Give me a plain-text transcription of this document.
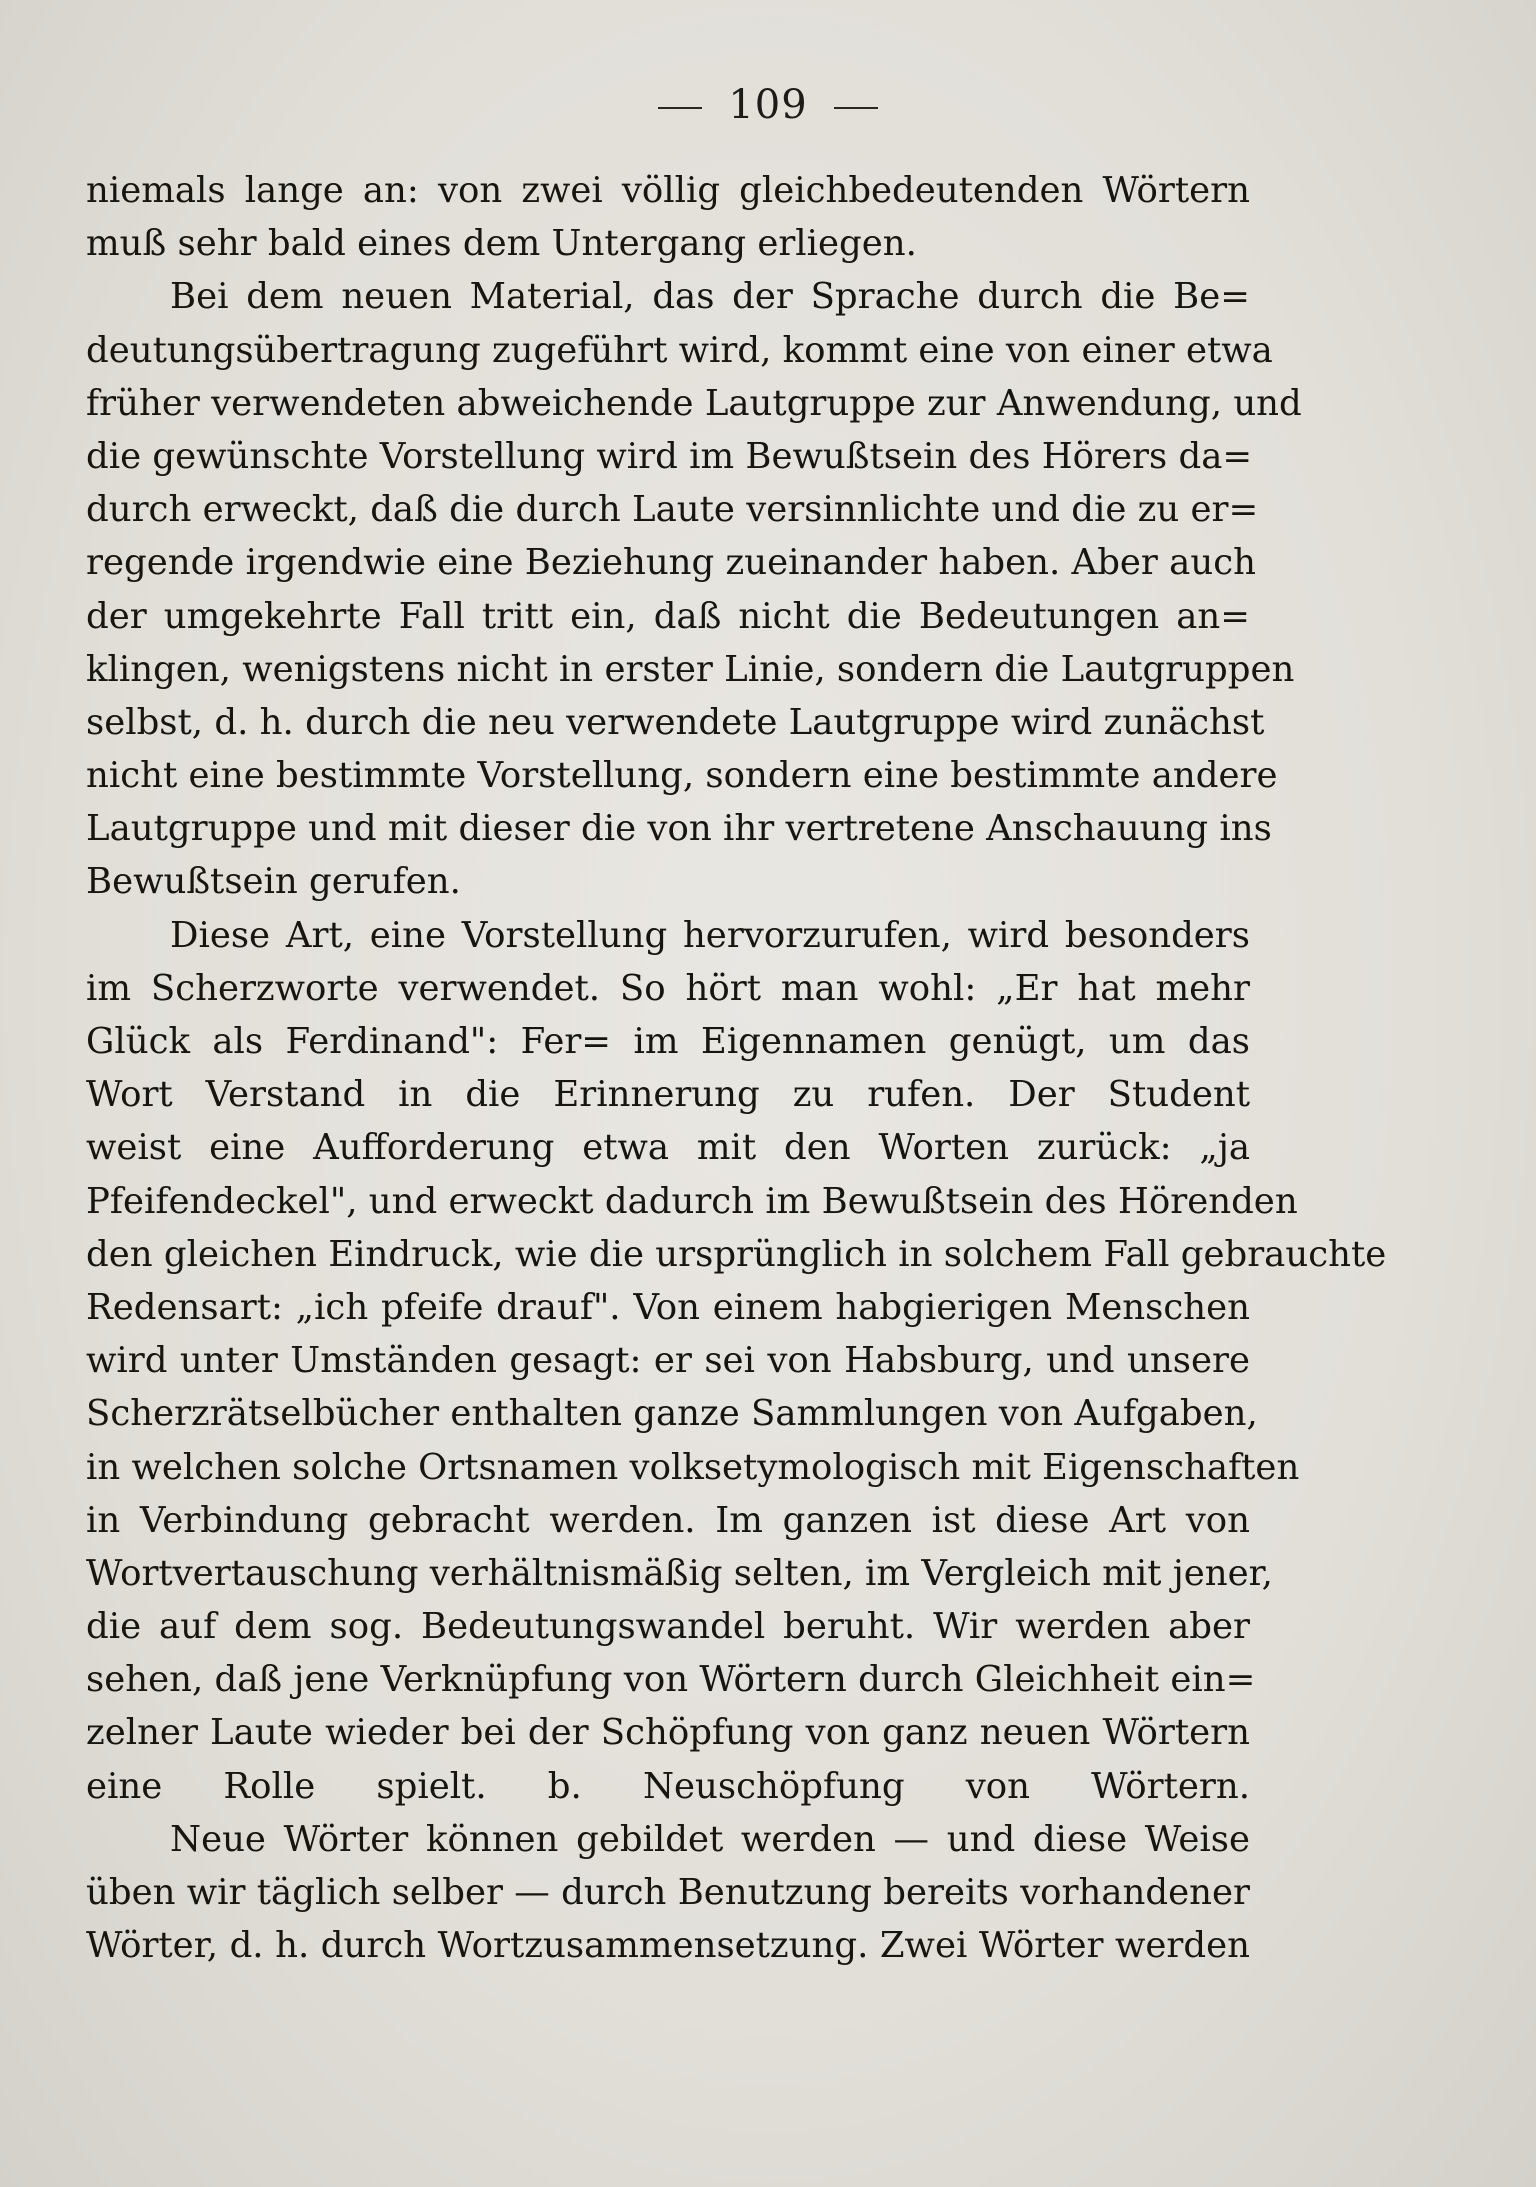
109
niemals lange an: von zwei völlig gleichbedeutenden Wörtern
muß sehr bald eines dem Untergang erliegen.
Bei dem neuen Material, das der Sprache durch die Be=
deutungsübertragung zugeführt wird, kommt eine von einer etwa
früher verwendeten abweichende Lautgruppe zur Anwendung, und
die gewünschte Vorstellung wird im Bewußtsein des Hörers da=
durch erweckt, daß die durch Laute versinnlichte und die zu er=
regende irgendwie eine Beziehung zueinander haben. Aber auch
der umgekehrte Fall tritt ein, daß nicht die Bedeutungen an=
klingen, wenigstens nicht in erster Linie, sondern die Lautgruppen
selbst, d. h. durch die neu verwendete Lautgruppe wird zunächst
nicht eine bestimmte Vorstellung, sondern eine bestimmte andere
Lautgruppe und mit dieser die von ihr vertretene Anschauung ins
Bewußtsein gerufen.
Diese Art, eine Vorstellung hervorzurufen, wird besonders
im Scherzworte verwendet. So hört man wohl: „Er hat mehr
Glück als Ferdinand": Fer= im Eigennamen genügt, um das
Wort Verstand in die Erinnerung zu rufen. Der Student
weist eine Aufforderung etwa mit den Worten zurück: „ja
Pfeifendeckel", und erweckt dadurch im Bewußtsein des Hörenden
den gleichen Eindruck, wie die ursprünglich in solchem Fall gebrauchte
Redensart: „ich pfeife drauf". Von einem habgierigen Menschen
wird unter Umständen gesagt: er sei von Habsburg, und unsere
Scherzrätselbücher enthalten ganze Sammlungen von Aufgaben,
in welchen solche Ortsnamen volksetymologisch mit Eigenschaften
in Verbindung gebracht werden. Im ganzen ist diese Art von
Wortvertauschung verhältnismäßig selten, im Vergleich mit jener,
die auf dem sog. Bedeutungswandel beruht. Wir werden aber
sehen, daß jene Verknüpfung von Wörtern durch Gleichheit ein=
zelner Laute wieder bei der Schöpfung von ganz neuen Wörtern
eine Rolle spielt. b. Neuschöpfung von Wörtern.
Neue Wörter können gebildet werden — und diese Weise
üben wir täglich selber — durch Benutzung bereits vorhandener
Wörter, d. h. durch Wortzusammensetzung. Zwei Wörter werden
